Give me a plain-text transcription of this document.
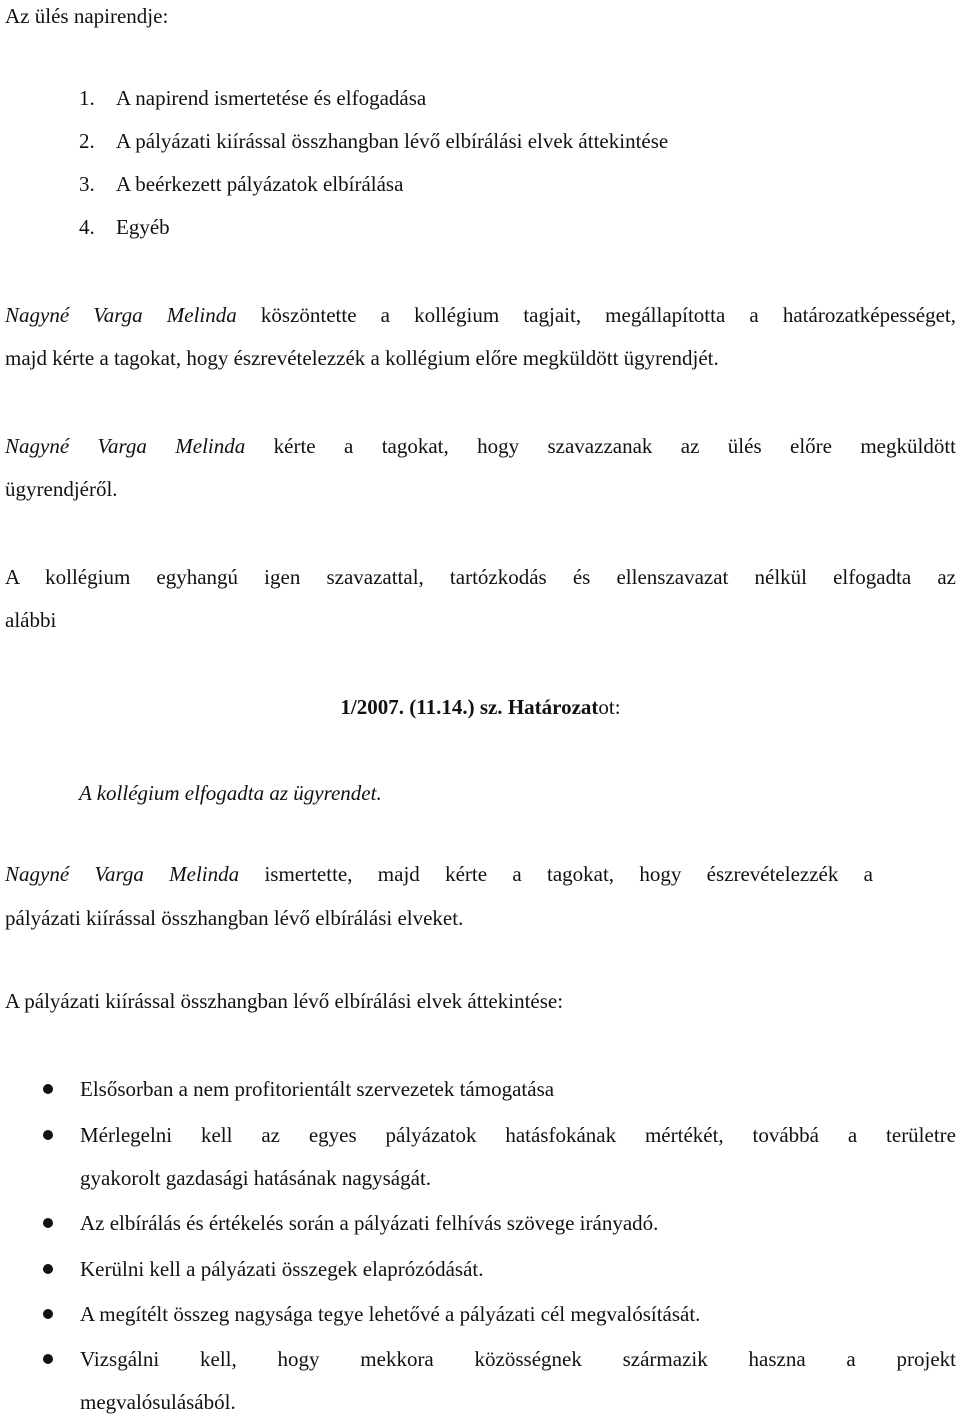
Az ülés napirendje:
1. A napirend ismertetése és elfogadása
2. A pályázati kiírással összhangban lévő elbírálási elvek áttekintése
3. A beérkezett pályázatok elbírálása
4. Egyéb
Nagyné Varga Melinda köszöntette a kollégium tagjait, megállapította a határozatképességet,
majd kérte a tagokat, hogy észrevételezzék a kollégium előre megküldött ügyrendjét.
Nagyné Varga Melinda kérte a tagokat, hogy szavazzanak az ülés előre megküldött
ügyrendjéről.
A kollégium egyhangú igen szavazattal, tartózkodás és ellenszavazat nélkül elfogadta az
alábbi
1/2007. (11.14.) sz. Határozatot:
A kollégium elfogadta az ügyrendet.
Nagyné Varga Melinda ismertette, majd kérte a tagokat, hogy észrevételezzék a
pályázati kiírással összhangban lévő elbírálási elveket.
A pályázati kiírással összhangban lévő elbírálási elvek áttekintése:
Elsősorban a nem profitorientált szervezetek támogatása
Mérlegelni kell az egyes pályázatok hatásfokának mértékét, továbbá a területre
gyakorolt gazdasági hatásának nagyságát.
Az elbírálás és értékelés során a pályázati felhívás szövege irányadó.
Kerülni kell a pályázati összegek elaprózódását.
A megítélt összeg nagysága tegye lehetővé a pályázati cél megvalósítását.
Vizsgálni kell, hogy mekkora közösségnek származik haszna a projekt
megvalósulásából.
